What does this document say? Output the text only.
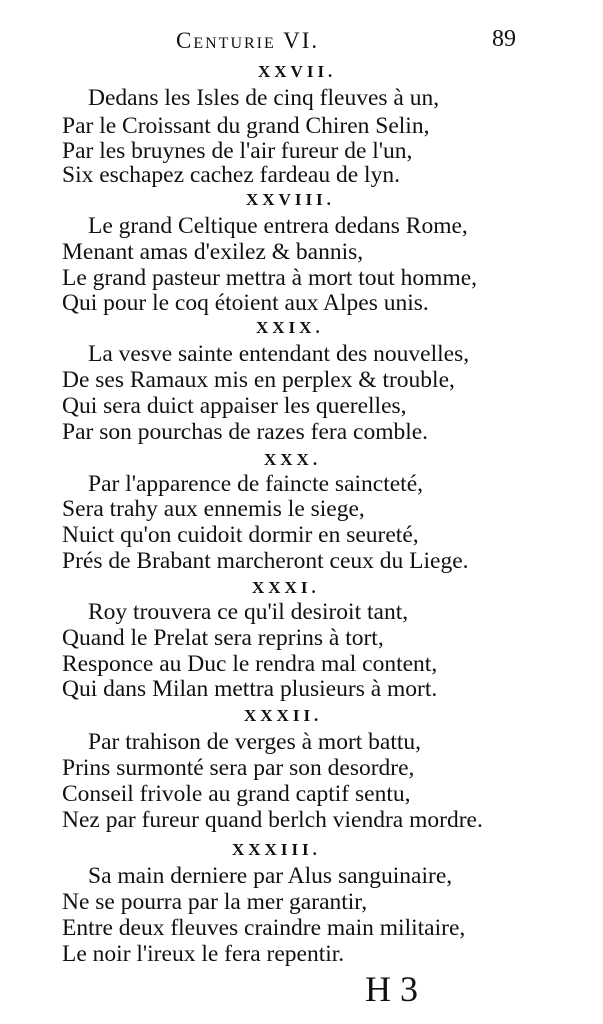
Centurie VI.	89
XXVII.
Dedans les Isles de cinq fleuves à un,
Par le Croissant du grand Chiren Selin,
Par les bruynes de l'air fureur de l'un,
Six eschapez cachez fardeau de lyn.
XXVIII.
Le grand Celtique entrera dedans Rome,
Menant amas d'exilez & bannis,
Le grand pasteur mettra à mort tout homme,
Qui pour le coq étoient aux Alpes unis.
XXIX.
La vesve sainte entendant des nouvelles,
De ses Ramaux mis en perplex & trouble,
Qui sera duict appaiser les querelles,
Par son pourchas de razes fera comble.
XXX.
Par l'apparence de faincte saincteté,
Sera trahy aux ennemis le siege,
Nuict qu'on cuidoit dormir en seureté,
Prés de Brabant marcheront ceux du Liege.
XXXI.
Roy trouvera ce qu'il desiroit tant,
Quand le Prelat sera reprins à tort,
Responce au Duc le rendra mal content,
Qui dans Milan mettra plusieurs à mort.
XXXII.
Par trahison de verges à mort battu,
Prins surmonté sera par son desordre,
Conseil frivole au grand captif sentu,
Nez par fureur quand berlch viendra mordre.
XXXIII.
Sa main derniere par Alus sanguinaire,
Ne se pourra par la mer garantir,
Entre deux fleuves craindre main militaire,
Le noir l'ireux le fera repentir.
H 3
